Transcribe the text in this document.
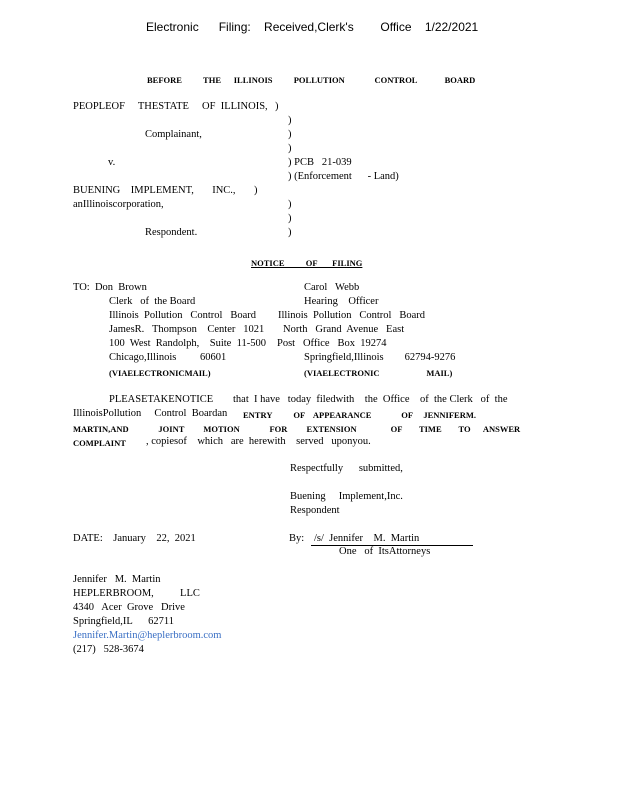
Electronic      Filing:    Received,Clerk's        Office    1/22/2021
BEFORE          THE      ILLINOIS          POLLUTION              CONTROL             BOARD
PEOPLEOF     THESTATE     OF  ILLINOIS, )
)
Complainant,	)
)
v.	) PCB   21-039
) (Enforcement      - Land)
BUENING    IMPLEMENT,       INC., )
anIllinoiscorporation,	)
)
Respondent.	)
NOTICE          OF       FILING
TO:  Don  Brown
Clerk   of  the Board
Illinois  Pollution   Control   Board
JamesR.   Thompson    Center   1021
100  West  Randolph,    Suite  11-500
Chicago,Illinois         60601
(VIAELECTRONICMAIL)
Carol   Webb
Hearing    Officer
Illinois  Pollution   Control   Board
North   Grand  Avenue   East
Post   Office   Box  19274
Springfield,Illinois        62794-9276
(VIAELECTRONIC                      MAIL)
PLEASETAKENOTICE that  I have   today  filedwith    the  Office    of  the Clerk   of  the
IllinoisPollution     Control  Boardan ENTRY          OF    APPEARANCE              OF     JENNIFERM.
MARTIN,AND              JOINT         MOTION              FOR         EXTENSION                OF        TIME        TO      ANSWER
COMPLAINT , copiesof    which   are  herewith    served   uponyou.
Respectfully      submitted,
Buening     Implement,Inc.
Respondent
DATE:    January    22,  2021	By: /s/  Jennifer    M.  Martin
One   of  ItsAttorneys
Jennifer   M.  Martin
HEPLERBROOM,          LLC
4340   Acer  Grove   Drive
Springfield,IL      62711
Jennifer.Martin@heplerbroom.com
(217)   528-3674
